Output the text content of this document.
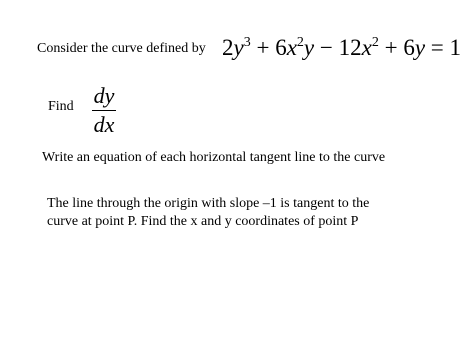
Consider the curve defined by $2y^3 + 6x^2y - 12x^2 + 6y = 1$
Find dy
dx
Write an equation of each horizontal tangent line to the curve
The line through the origin with slope –1 is tangent to the
curve at point P. Find the x and y coordinates of point P
